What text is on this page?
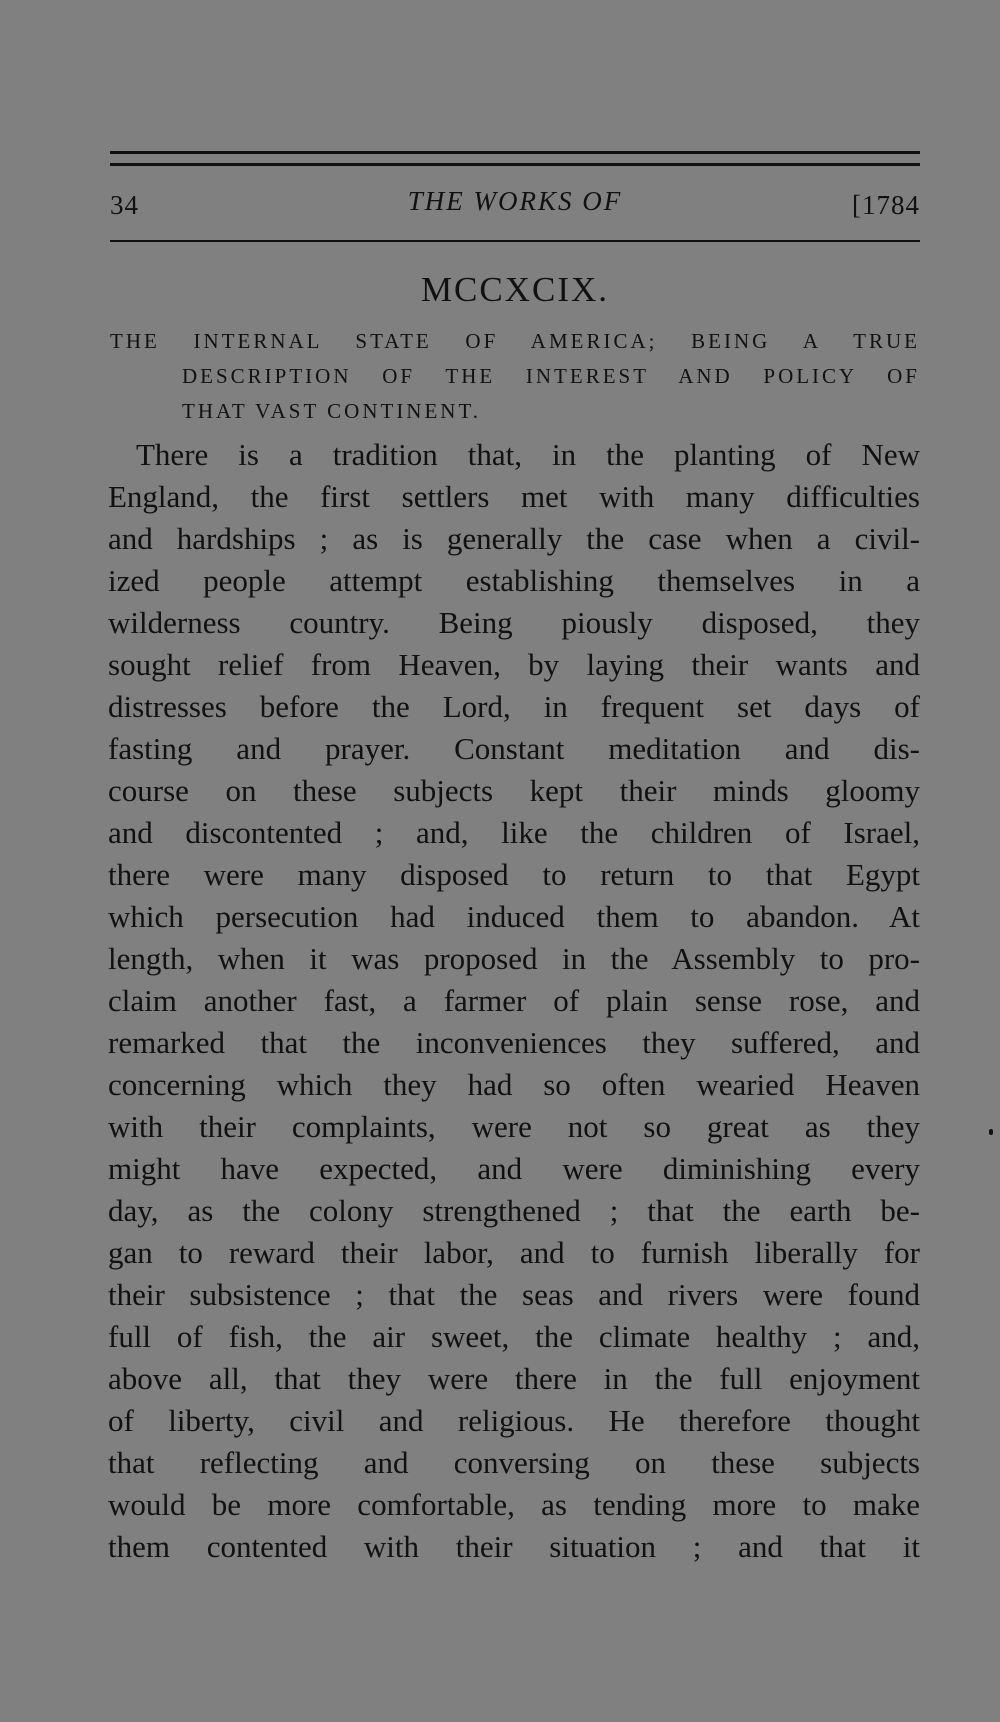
34	THE WORKS OF	[1784
MCCXCIX.
THE INTERNAL STATE OF AMERICA; BEING A TRUE
DESCRIPTION OF THE INTEREST AND POLICY OF
THAT VAST CONTINENT.
There is a tradition that, in the planting of New
England, the first settlers met with many difficulties
and hardships ; as is generally the case when a civil-
ized people attempt establishing themselves in a
wilderness country. Being piously disposed, they
sought relief from Heaven, by laying their wants and
distresses before the Lord, in frequent set days of
fasting and prayer. Constant meditation and dis-
course on these subjects kept their minds gloomy
and discontented ; and, like the children of Israel,
there were many disposed to return to that Egypt
which persecution had induced them to abandon. At
length, when it was proposed in the Assembly to pro-
claim another fast, a farmer of plain sense rose, and
remarked that the inconveniences they suffered, and
concerning which they had so often wearied Heaven
with their complaints, were not so great as they
might have expected, and were diminishing every
day, as the colony strengthened ; that the earth be-
gan to reward their labor, and to furnish liberally for
their subsistence ; that the seas and rivers were found
full of fish, the air sweet, the climate healthy ; and,
above all, that they were there in the full enjoyment
of liberty, civil and religious. He therefore thought
that reflecting and conversing on these subjects
would be more comfortable, as tending more to make
them contented with their situation ; and that it
